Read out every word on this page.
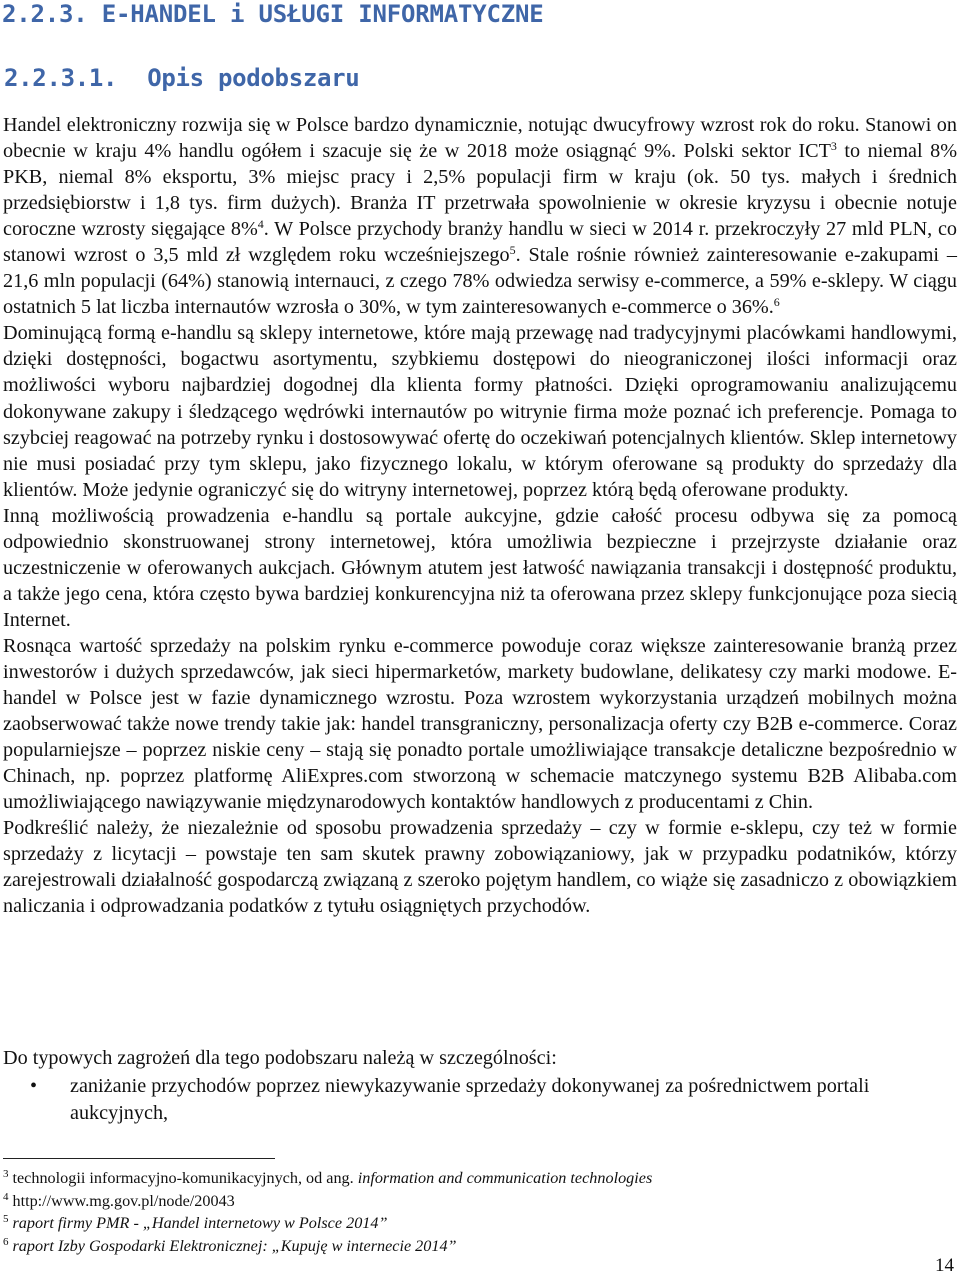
2.2.3. E-HANDEL i USŁUGI INFORMATYCZNE
2.2.3.1. Opis podobszaru

Handel elektroniczny rozwija się w Polsce bardzo dynamicznie, notując dwucyfrowy wzrost rok do roku. Stanowi on obecnie w kraju 4% handlu ogółem i szacuje się że w 2018 może osiągnąć 9%. Polski sektor ICT$^3$ to niemal 8% PKB, niemal 8% eksportu, 3% miejsc pracy i 2,5% populacji firm w kraju (ok. 50 tys. małych i średnich przedsiębiorstw i 1,8 tys. firm dużych). Branża IT przetrwała spowolnienie w okresie kryzysu i obecnie notuje coroczne wzrosty sięgające 8%$^4$. W Polsce przychody branży handlu w sieci w 2014 r. przekroczyły 27 mld PLN, co stanowi wzrost o 3,5 mld zł względem roku wcześniejszego$^5$. Stale rośnie również zainteresowanie e-zakupami – 21,6 mln populacji (64%) stanowią internauci, z czego 78% odwiedza serwisy e-commerce, a 59% e-sklepy. W ciągu ostatnich 5 lat liczba internautów wzrosła o 30%, w tym zainteresowanych e-commerce o 36%.$^6$

Dominującą formą e-handlu są sklepy internetowe, które mają przewagę nad tradycyjnymi placówkami handlowymi, dzięki dostępności, bogactwu asortymentu, szybkiemu dostępowi do nieograniczonej ilości informacji oraz możliwości wyboru najbardziej dogodnej dla klienta formy płatności. Dzięki oprogramowaniu analizującemu dokonywane zakupy i śledzącego wędrówki internautów po witrynie firma może poznać ich preferencje. Pomaga to szybciej reagować na potrzeby rynku i dostosowywać ofertę do oczekiwań potencjalnych klientów. Sklep internetowy nie musi posiadać przy tym sklepu, jako fizycznego lokalu, w którym oferowane są produkty do sprzedaży dla klientów. Może jedynie ograniczyć się do witryny internetowej, poprzez którą będą oferowane produkty.

Inną możliwością prowadzenia e-handlu są portale aukcyjne, gdzie całość procesu odbywa się za pomocą odpowiednio skonstruowanej strony internetowej, która umożliwia bezpieczne i przejrzyste działanie oraz uczestniczenie w oferowanych aukcjach. Głównym atutem jest łatwość nawiązania transakcji i dostępność produktu, a także jego cena, która często bywa bardziej konkurencyjna niż ta oferowana przez sklepy funkcjonujące poza siecią Internet.

Rosnąca wartość sprzedaży na polskim rynku e-commerce powoduje coraz większe zainteresowanie branżą przez inwestorów i dużych sprzedawców, jak sieci hipermarketów, markety budowlane, delikatesy czy marki modowe. E-handel w Polsce jest w fazie dynamicznego wzrostu. Poza wzrostem wykorzystania urządzeń mobilnych można zaobserwować także nowe trendy takie jak: handel transgraniczny, personalizacja oferty czy B2B e-commerce. Coraz popularniejsze – poprzez niskie ceny – stają się ponadto portale umożliwiające transakcje detaliczne bezpośrednio w Chinach, np. poprzez platformę AliExpres.com stworzoną w schemacie matczynego systemu B2B Alibaba.com umożliwiającego nawiązywanie międzynarodowych kontaktów handlowych z producentami z Chin.

Podkreślić należy, że niezależnie od sposobu prowadzenia sprzedaży – czy w formie e-sklepu, czy też w formie sprzedaży z licytacji – powstaje ten sam skutek prawny zobowiązaniowy, jak w przypadku podatników, którzy zarejestrowali działalność gospodarczą związaną z szeroko pojętym handlem, co wiąże się zasadniczo z obowiązkiem naliczania i odprowadzania podatków z tytułu osiągniętych przychodów.

Do typowych zagrożeń dla tego podobszaru należą w szczególności:

• zaniżanie przychodów poprzez niewykazywanie sprzedaży dokonywanej za pośrednictwem portali aukcyjnych,

$^3$ technologii informacyjno-komunikacyjnych, od ang. information and communication technologies

$^4$ http://www.mg.gov.pl/node/20043

$^5$ raport firmy PMR - „Handel internetowy w Polsce 2014”

$^6$ raport Izby Gospodarki Elektronicznej: „Kupuję w internecie 2014”

14
